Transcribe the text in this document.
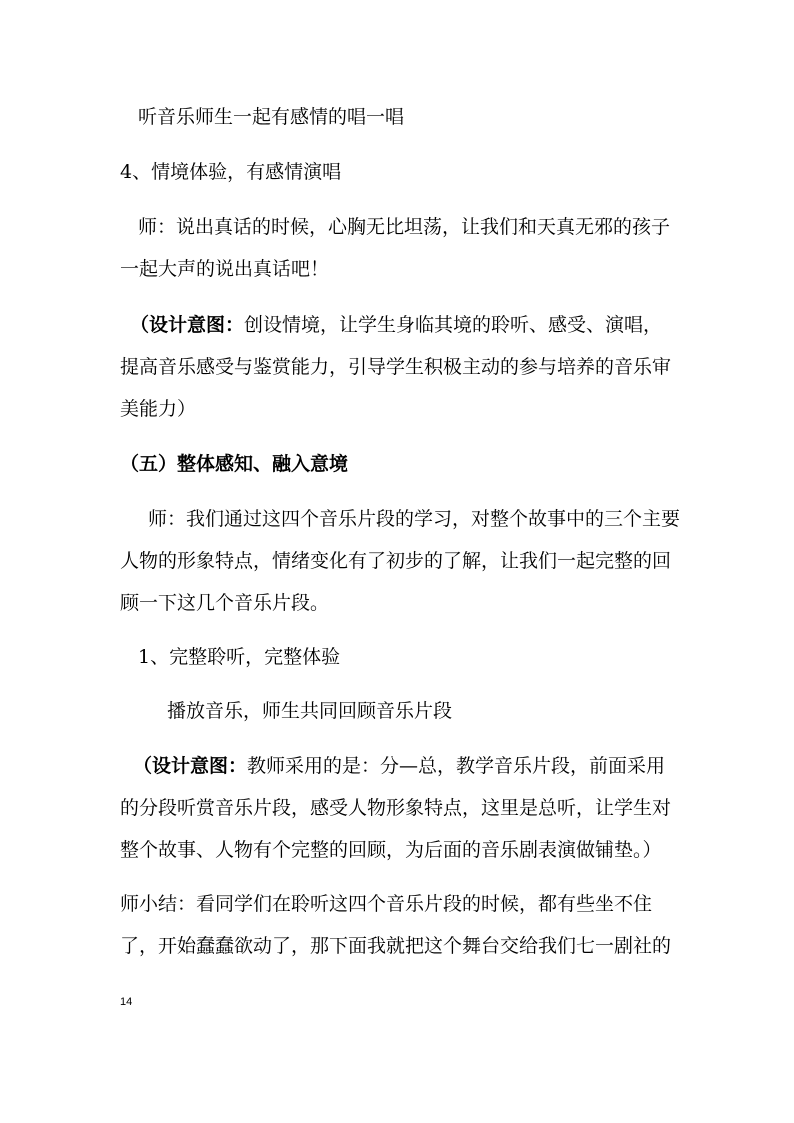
听音乐师生一起有感情的唱一唱

4、情境体验，有感情演唱

师：说出真话的时候，心胸无比坦荡，让我们和天真无邪的孩子

一起大声的说出真话吧！

（设计意图：创设情境，让学生身临其境的聆听、感受、演唱，

提高音乐感受与鉴赏能力，引导学生积极主动的参与培养的音乐审

美能力）

（五）整体感知、融入意境

师：我们通过这四个音乐片段的学习，对整个故事中的三个主要

人物的形象特点，情绪变化有了初步的了解，让我们一起完整的回

顾一下这几个音乐片段。

1、完整聆听，完整体验

播放音乐，师生共同回顾音乐片段

（设计意图：教师采用的是：分—总，教学音乐片段，前面采用

的分段听赏音乐片段，感受人物形象特点，这里是总听，让学生对

整个故事、人物有个完整的回顾，为后面的音乐剧表演做铺垫。）

师小结：看同学们在聆听这四个音乐片段的时候，都有些坐不住

了，开始蠢蠢欲动了，那下面我就把这个舞台交给我们七一剧社的

14
